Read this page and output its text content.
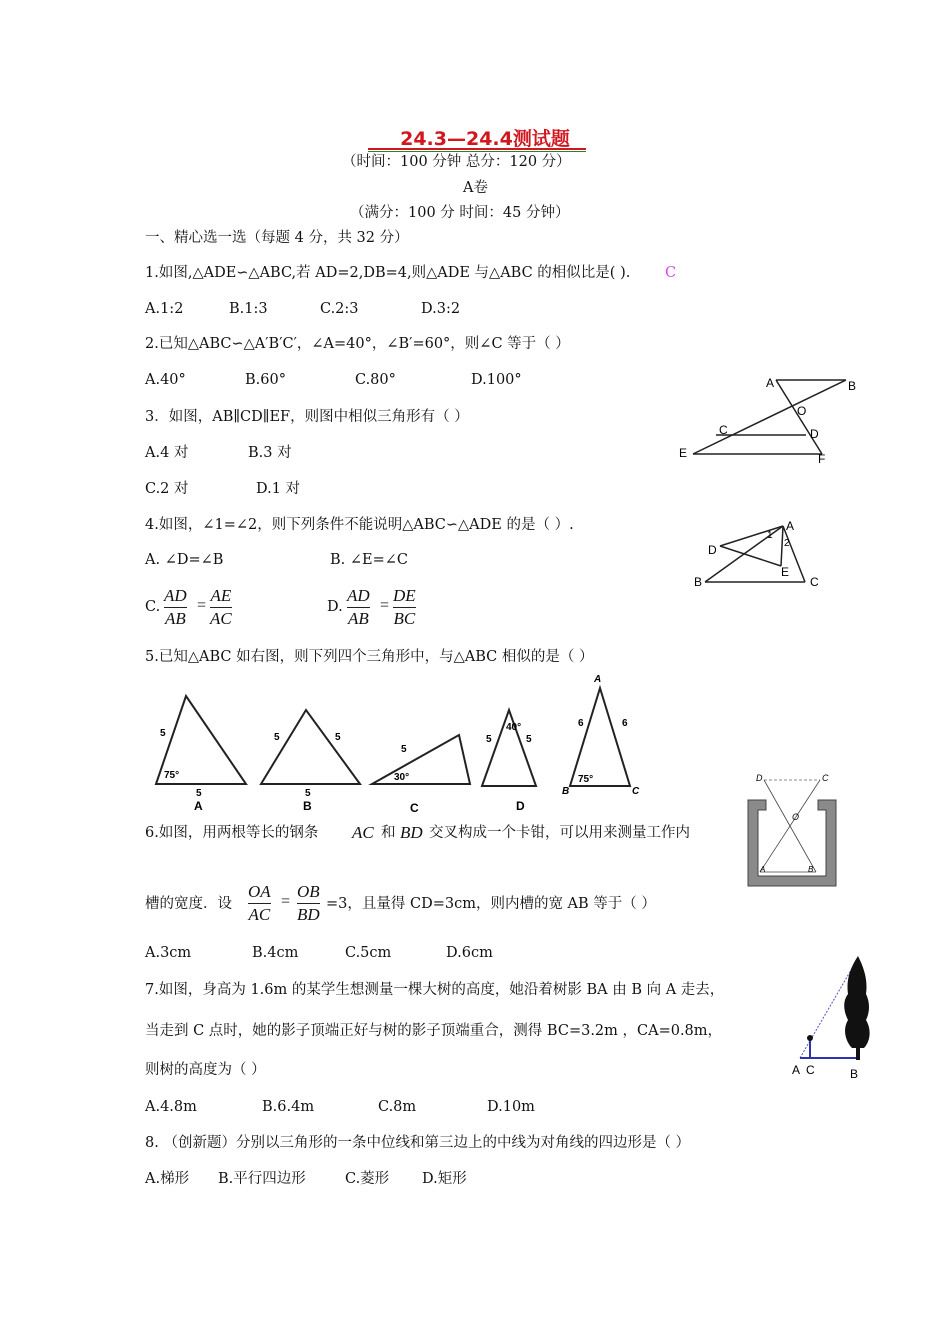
24.3—24.4测试题
（时间：100 分钟 总分：120 分）
A卷
（满分：100 分 时间：45 分钟）
一、精心选一选（每题 4 分，共 32 分）
1.如图,△ADE∽△ABC,若 AD=2,DB=4,则△ADE 与△ABC 的相似比是( ). C
A.1:2	B.1:3	C.2:3	D.3:2
2.已知△ABC∽△A′B′C′，∠A=40°，∠B′=60°，则∠C 等于（ ）
A.40°	B.60°	C.80°	D.100°
3．如图，AB∥CD∥EF，则图中相似三角形有（ ）
A.4 对	B.3 对
C.2 对	D.1 对
A	B
O
C	D
E	F
4.如图，∠1=∠2，则下列条件不能说明△ABC∽△ADE 的是（ ）.
A. ∠D=∠B	B. ∠E=∠C
C.
AD
AB
=
AE
AC
D.
AD
AB
=
DE
BC
A
D
1
2
E
B	C
5.已知△ABC 如右图，则下列四个三角形中，与△ABC 相似的是（ ）
5
5
75°
A
5	5
5
B
5
30°
C
40°
5	5
D
A
6	6
75°
B	C
6.如图，用两根等长的钢条 AC 和 BD 交叉构成一个卡钳，可以用来测量工作内
槽的宽度．设
OA
AC
=
OB
BD
=3，且量得 CD=3cm，则内槽的宽 AB 等于（ ）
A.3cm	B.4cm	C.5cm	D.6cm
D	C
O
A	B
7.如图，身高为 1.6m 的某学生想测量一棵大树的高度，她沿着树影 BA 由 B 向 A 走去，
当走到 C 点时，她的影子顶端正好与树的影子顶端重合，测得 BC=3.2m ，CA=0.8m，
则树的高度为（ ）
A.4.8m	B.6.4m	C.8m	D.10m
A C	B
8. （创新题）分别以三角形的一条中位线和第三边上的中线为对角线的四边形是（ ）
A.梯形 B.平行四边形	C.菱形 D.矩形
